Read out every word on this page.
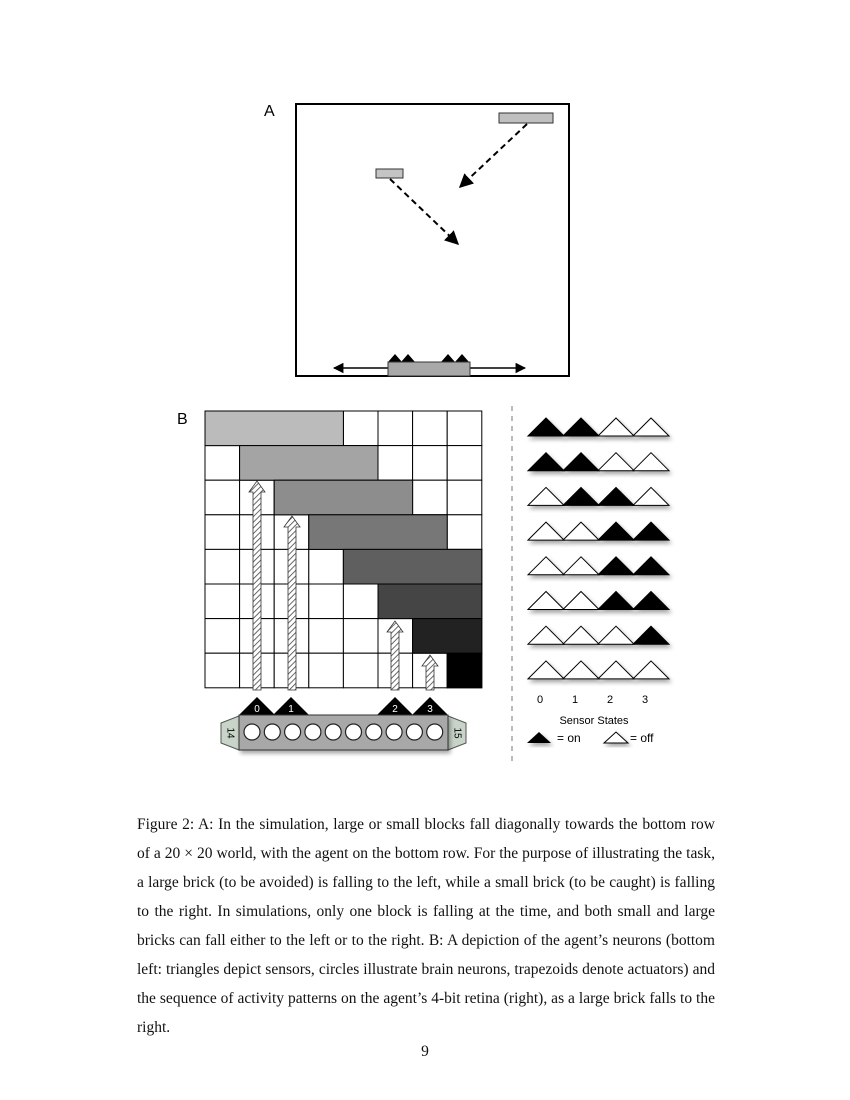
A
B
0	1	2	3
14	15
0	1	2	3
Sensor States
= on	= off
Figure 2: A: In the simulation, large or small blocks fall diagonally towards the bottom row of a 20 × 20 world, with the agent on the bottom row. For the purpose of illustrating the task, a large brick (to be avoided) is falling to the left, while a small brick (to be caught) is falling to the right. In simulations, only one block is falling at the time, and both small and large bricks can fall either to the left or to the right. B: A depiction of the agent’s neurons (bottom left: triangles depict sensors, circles illustrate brain neurons, trapezoids denote actuators) and the sequence of activity patterns on the agent’s 4-bit retina (right), as a large brick falls to the right.
9
